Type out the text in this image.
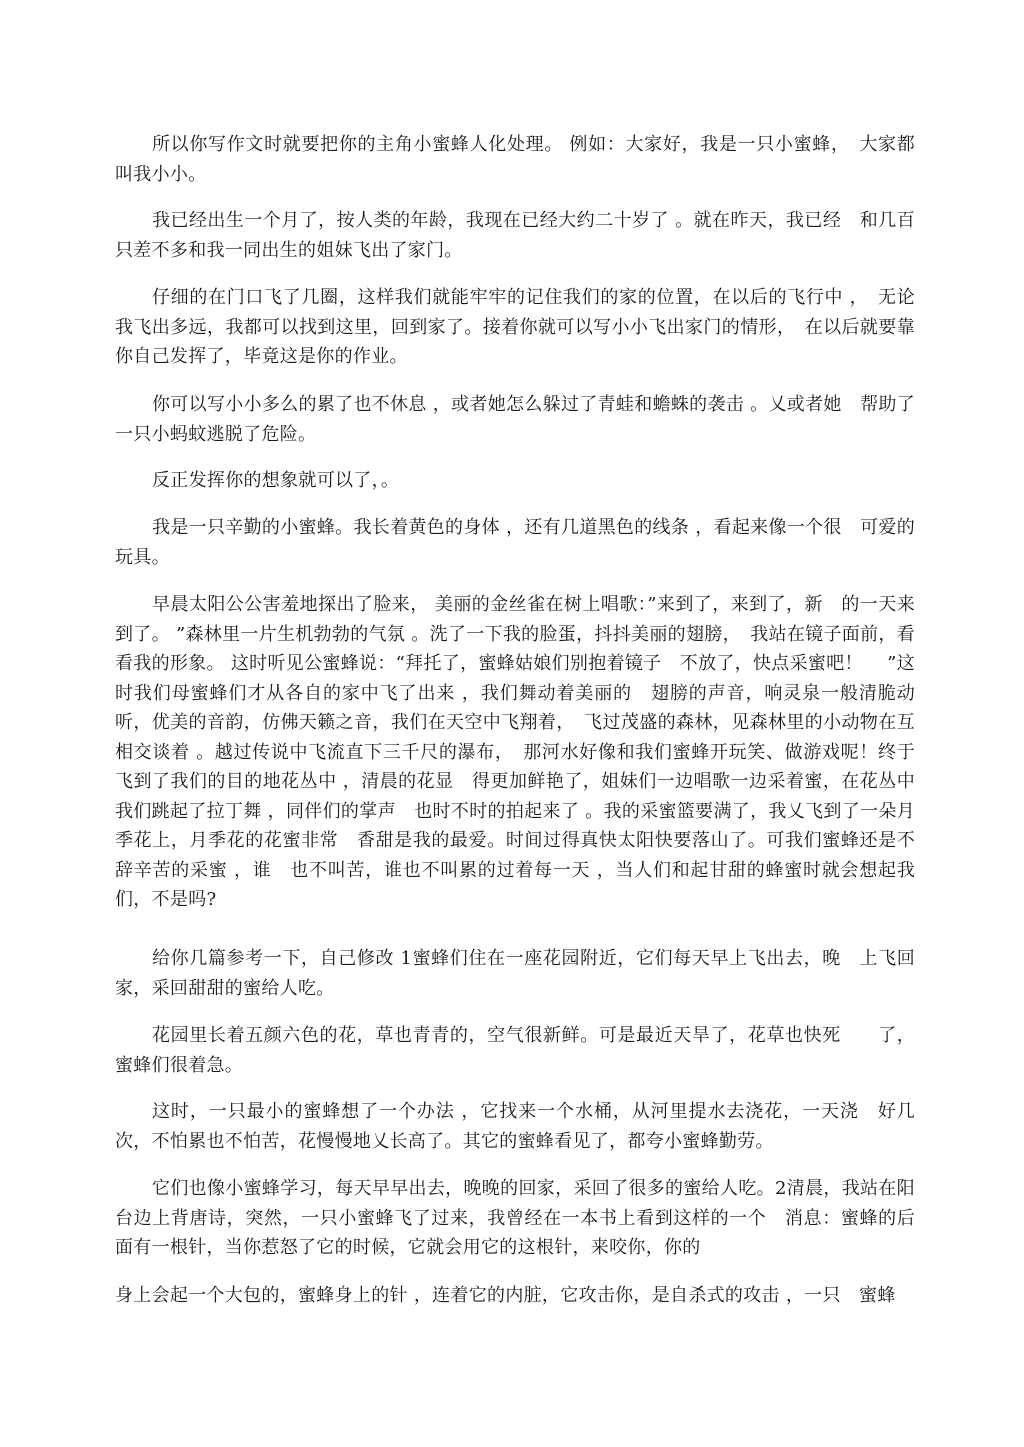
所以你写作文时就要把你的主角小蜜蜂人化处理。 例如：大家好，我是一只小蜜蜂，　大家都叫我小小。

我已经出生一个月了，按人类的年龄，我现在已经大约二十岁了 。就在昨天，我已经　和几百只差不多和我一同出生的姐妹飞出了家门。

仔细的在门口飞了几圈，这样我们就能牢牢的记住我们的家的位置，在以后的飞行中 ，　无论我飞出多远，我都可以找到这里，回到家了。接着你就可以写小小飞出家门的情形，　在以后就要靠你自己发挥了，毕竟这是你的作业。

你可以写小小多么的累了也不休息 ，或者她怎么躲过了青蛙和蟾蛛的袭击 。乂或者她　帮助了一只小蚂蚊逃脱了危险。

反正发挥你的想象就可以了，。

我是一只辛勤的小蜜蜂。我长着黄色的身体 ，还有几道黑色的线条 ，看起来像一个很　可爱的玩具。

早晨太阳公公害羞地探出了脸来， 美丽的金丝雀在树上唱歌：”来到了，来到了，新　的一天来到了。 ”森林里一片生机勃勃的气氛 。洗了一下我的脸蛋，抖抖美丽的翅膀，　我站在镜子面前，看看我的形象。 这时听见公蜜蜂说：“拜托了，蜜蜂姑娘们别抱着镜子　不放了，快点采蜜吧！　 ”这时我们母蜜蜂们才从各自的家中飞了出来 ，我们舞动着美丽的　翅膀的声音，响灵泉一般清脆动听，优美的音韵，仿佛天籁之音，我们在天空中飞翔着，　飞过茂盛的森林，见森林里的小动物在互相交谈着 。越过传说中飞流直下三千尺的瀑布，　那河水好像和我们蜜蜂开玩笑、做游戏呢！终于飞到了我们的目的地花丛中 ，清晨的花显　得更加鲜艳了，姐妹们一边唱歌一边采着蜜，在花丛中我们跳起了拉丁舞 ，同伴们的掌声　也时不时的拍起来了 。我的采蜜篮要满了，我乂飞到了一朵月季花上，月季花的花蜜非常　香甜是我的最爱。时间过得真快太阳快要落山了。可我们蜜蜂还是不辞辛苦的采蜜 ，谁　也不叫苦，谁也不叫累的过着每一天 ，当人们和起甘甜的蜂蜜时就会想起我们，不是吗?

给你几篇参考一下，自己修改 1蜜蜂们住在一座花园附近，它们每天早上飞出去，晚　上飞回家，采回甜甜的蜜给人吃。

花园里长着五颜六色的花，草也青青的，空气很新鲜。可是最近天旱了，花草也快死　　了，蜜蜂们很着急。

这时，一只最小的蜜蜂想了一个办法 ，它找来一个水桶，从河里提水去浇花，一天浇　好几次，不怕累也不怕苦，花慢慢地乂长高了。其它的蜜蜂看见了，都夸小蜜蜂勤劳。

它们也像小蜜蜂学习，每天早早出去，晚晚的回家，采回了很多的蜜给人吃。2清晨，我站在阳台边上背唐诗，突然，一只小蜜蜂飞了过来，我曾经在一本书上看到这样的一个　消息：蜜蜂的后面有一根针，当你惹怒了它的时候，它就会用它的这根针，来咬你，你的

身上会起一个大包的，蜜蜂身上的针 ，连着它的内脏，它攻击你，是自杀式的攻击 ，一只　蜜蜂
